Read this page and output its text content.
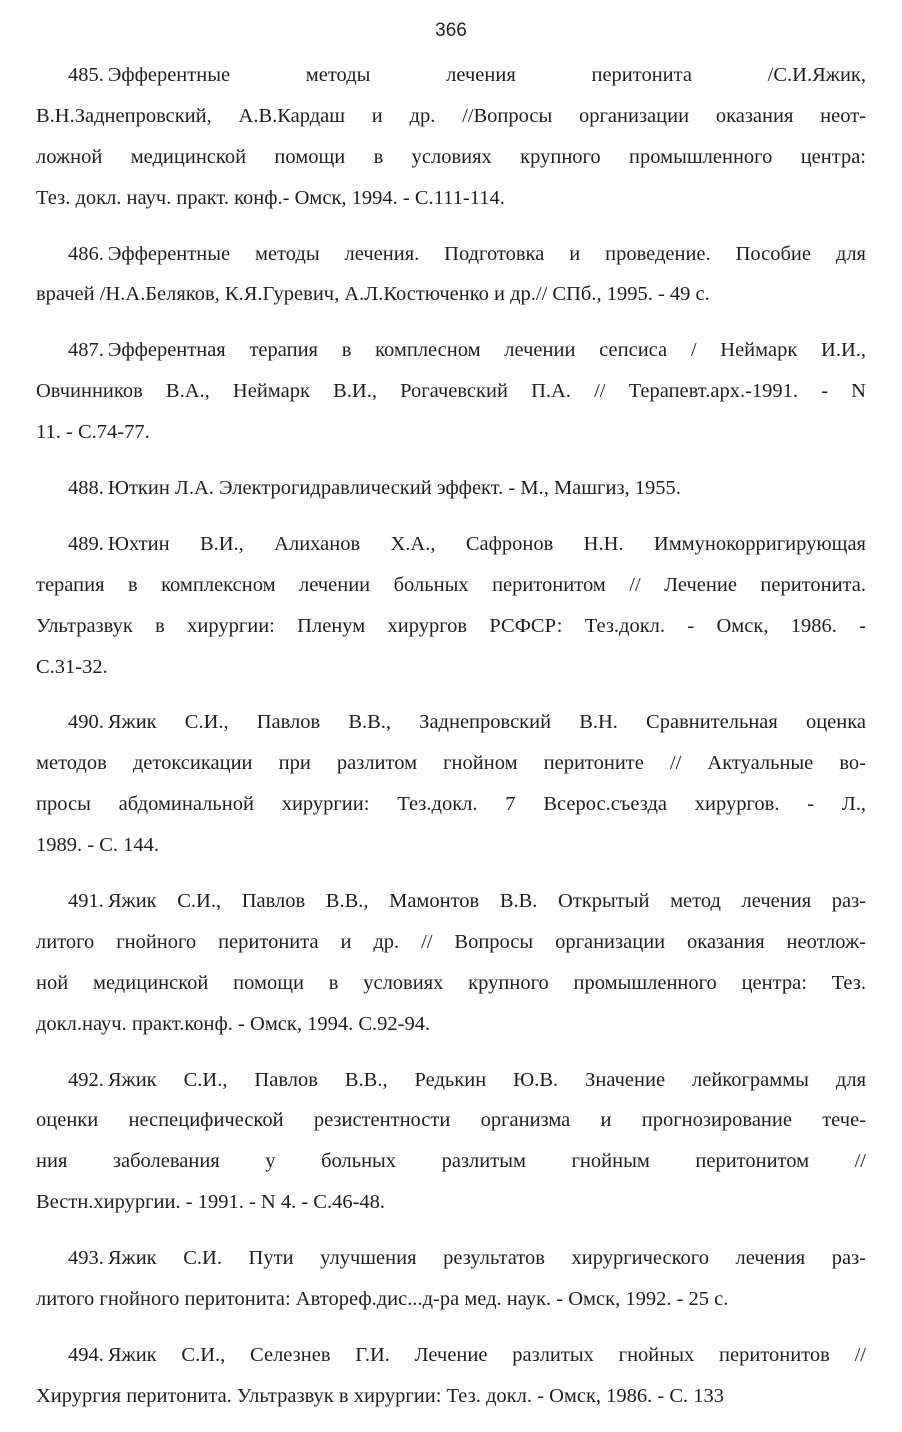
366
485. Эфферентные методы лечения перитонита /С.И.Яжик,
В.Н.Заднепровский, А.В.Кардаш и др. //Вопросы организации оказания неот-
ложной медицинской помощи в условиях крупного промышленного центра:
Тез. докл. науч. практ. конф.- Омск, 1994. - С.111-114.
486. Эфферентные методы лечения. Подготовка и проведение. Пособие для
врачей /Н.А.Беляков, К.Я.Гуревич, А.Л.Костюченко и др.// СПб., 1995. - 49 с.
487. Эфферентная терапия в комплесном лечении сепсиса / Неймарк И.И.,
Овчинников В.А., Неймарк В.И., Рогачевский П.А. // Терапевт.арх.-1991. - N
11. - С.74-77.
488. Юткин Л.А. Электрогидравлический эффект. - М., Машгиз, 1955.
489. Юхтин В.И., Алиханов Х.А., Сафронов Н.Н. Иммунокорригирующая
терапия в комплексном лечении больных перитонитом // Лечение перитонита.
Ультразвук в хирургии: Пленум хирургов РСФСР: Тез.докл. - Омск, 1986. -
С.31-32.
490. Яжик С.И., Павлов В.В., Заднепровский В.Н. Сравнительная оценка
методов детоксикации при разлитом гнойном перитоните // Актуальные во-
просы абдоминальной хирургии: Тез.докл. 7 Всерос.съезда хирургов. - Л.,
1989. - С. 144.
491. Яжик С.И., Павлов В.В., Мамонтов В.В. Открытый метод лечения раз-
литого гнойного перитонита и др. // Вопросы организации оказания неотлож-
ной медицинской помощи в условиях крупного промышленного центра: Тез.
докл.науч. практ.конф. - Омск, 1994. С.92-94.
492. Яжик С.И., Павлов В.В., Редькин Ю.В. Значение лейкограммы для
оценки неспецифической резистентности организма и прогнозирование тече-
ния заболевания у больных разлитым гнойным перитонитом //
Вестн.хирургии. - 1991. - N 4. - С.46-48.
493. Яжик С.И. Пути улучшения результатов хирургического лечения раз-
литого гнойного перитонита: Автореф.дис...д-ра мед. наук. - Омск, 1992. - 25 с.
494. Яжик С.И., Селезнев Г.И. Лечение разлитых гнойных перитонитов //
Хирургия перитонита. Ультразвук в хирургии: Тез. докл. - Омск, 1986. - С. 133
